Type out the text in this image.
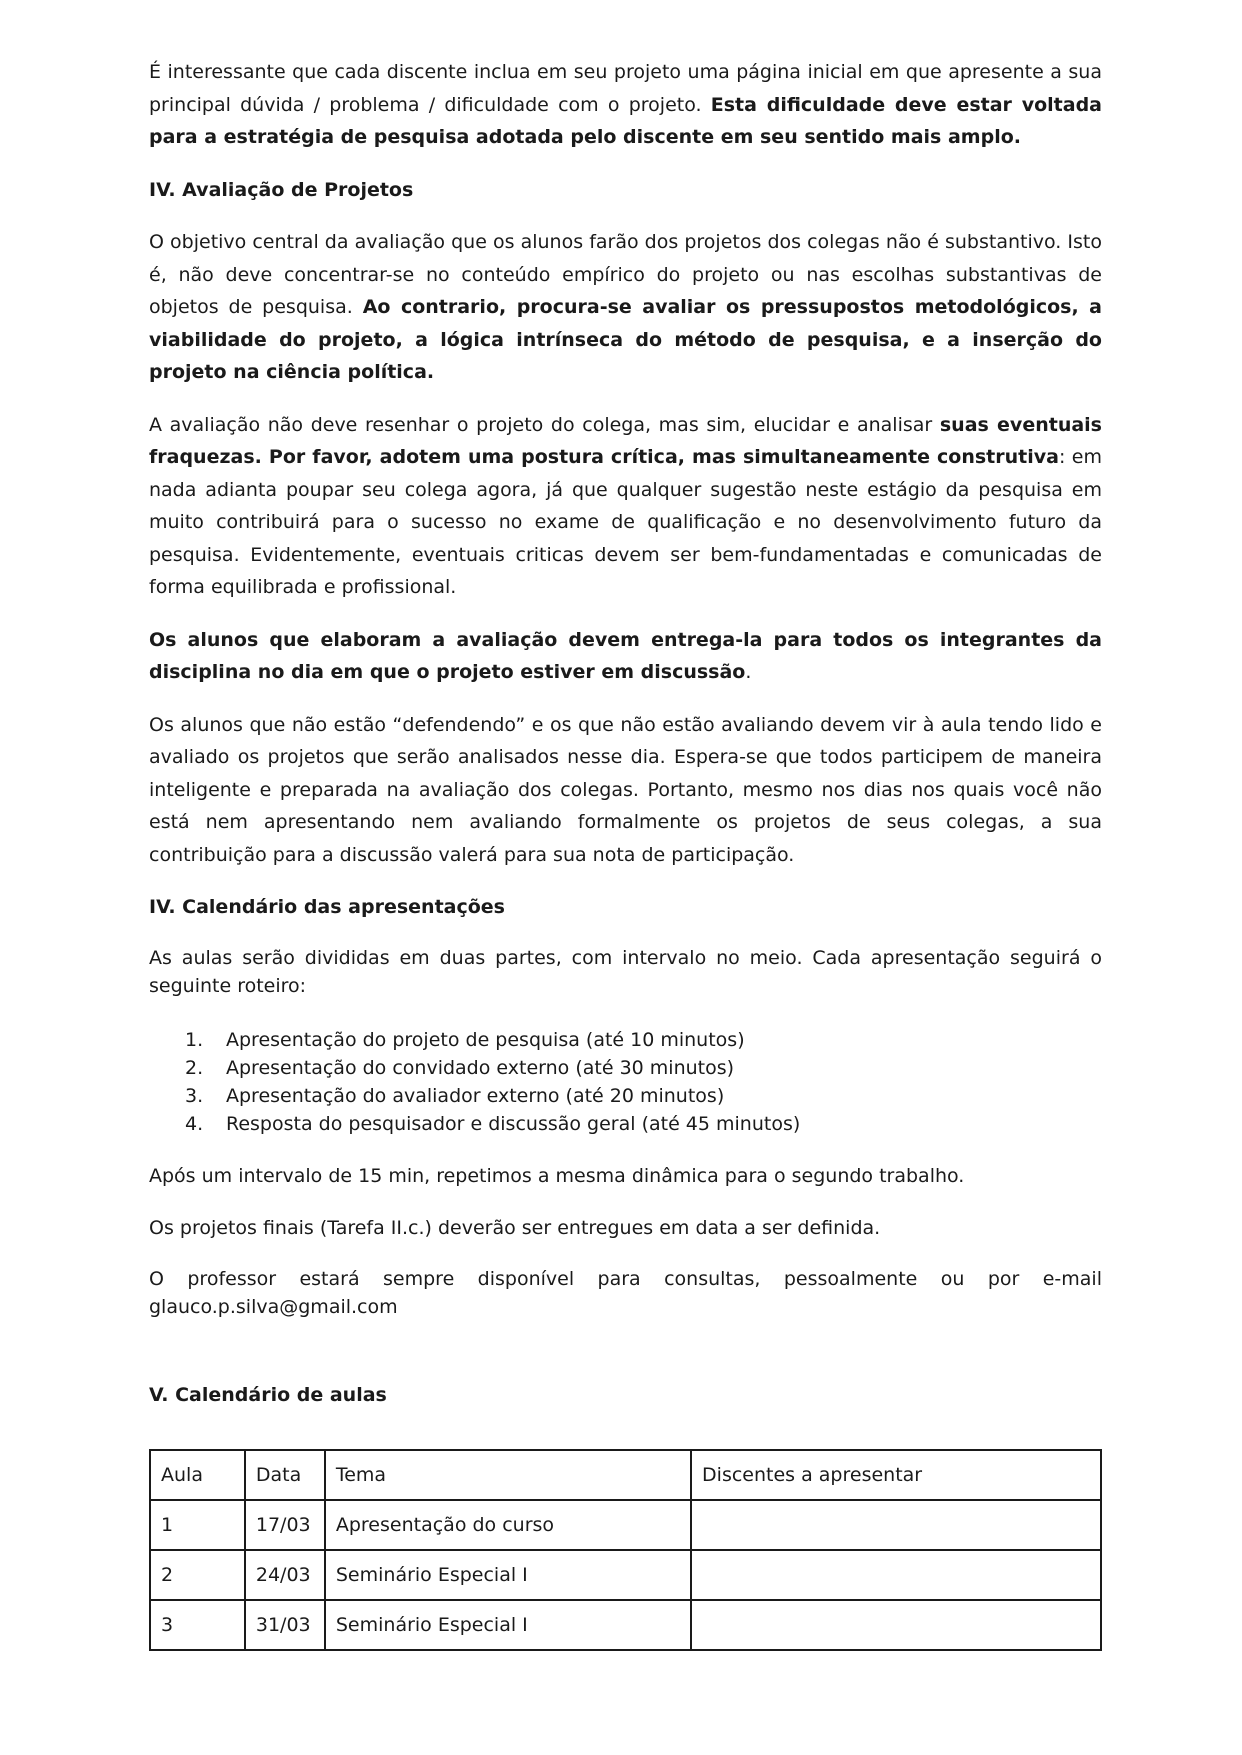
É interessante que cada discente inclua em seu projeto uma página inicial em que apresente a sua principal dúvida / problema / dificuldade com o projeto. Esta dificuldade deve estar voltada para a estratégia de pesquisa adotada pelo discente em seu sentido mais amplo.

IV. Avaliação de Projetos

O objetivo central da avaliação que os alunos farão dos projetos dos colegas não é substantivo. Isto é, não deve concentrar-se no conteúdo empírico do projeto ou nas escolhas substantivas de objetos de pesquisa. Ao contrario, procura-se avaliar os pressupostos metodológicos, a viabilidade do projeto, a lógica intrínseca do método de pesquisa, e a inserção do projeto na ciência política.

A avaliação não deve resenhar o projeto do colega, mas sim, elucidar e analisar suas eventuais fraquezas. Por favor, adotem uma postura crítica, mas simultaneamente construtiva: em nada adianta poupar seu colega agora, já que qualquer sugestão neste estágio da pesquisa em muito contribuirá para o sucesso no exame de qualificação e no desenvolvimento futuro da pesquisa. Evidentemente, eventuais criticas devem ser bem-fundamentadas e comunicadas de forma equilibrada e profissional.

Os alunos que elaboram a avaliação devem entrega-la para todos os integrantes da disciplina no dia em que o projeto estiver em discussão.

Os alunos que não estão “defendendo” e os que não estão avaliando devem vir à aula tendo lido e avaliado os projetos que serão analisados nesse dia. Espera-se que todos participem de maneira inteligente e preparada na avaliação dos colegas. Portanto, mesmo nos dias nos quais você não está nem apresentando nem avaliando formalmente os projetos de seus colegas, a sua contribuição para a discussão valerá para sua nota de participação.

IV. Calendário das apresentações

As aulas serão divididas em duas partes, com intervalo no meio. Cada apresentação seguirá o seguinte roteiro:

1.	Apresentação do projeto de pesquisa (até 10 minutos)
2.	Apresentação do convidado externo (até 30 minutos)
3.	Apresentação do avaliador externo (até 20 minutos)
4.	Resposta do pesquisador e discussão geral (até 45 minutos)

Após um intervalo de 15 min, repetimos a mesma dinâmica para o segundo trabalho.

Os projetos finais (Tarefa II.c.) deverão ser entregues em data a ser definida.

O professor estará sempre disponível para consultas, pessoalmente ou por e-mail glauco.p.silva@gmail.com

V. Calendário de aulas

Aula	Data	Tema	Discentes a apresentar
1	17/03	Apresentação do curso	
2	24/03	Seminário Especial I	
3	31/03	Seminário Especial I	
